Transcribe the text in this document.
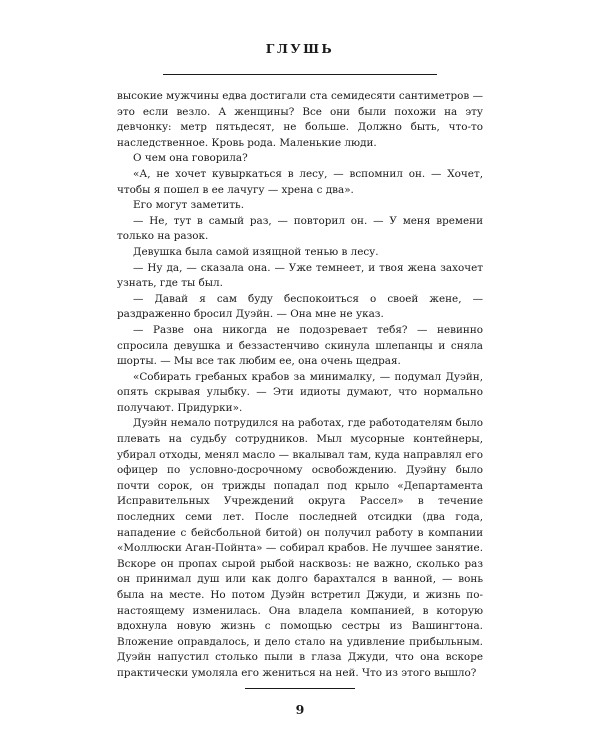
ГЛУШЬ

высокие мужчины едва достигали ста семидесяти сантиметров — это если везло. А женщины? Все они были похожи на эту девчонку: метр пятьдесят, не больше. Должно быть, что-то наследственное. Кровь рода. Маленькие люди.

О чем она говорила?

«А, не хочет кувыркаться в лесу, — вспомнил он. — Хочет, чтобы я пошел в ее лачугу — хрена с два».

Его могут заметить.

— Не, тут в самый раз, — повторил он. — У меня времени только на разок.

Девушка была самой изящной тенью в лесу.

— Ну да, — сказала она. — Уже темнеет, и твоя жена захочет узнать, где ты был.

— Давай я сам буду беспокоиться о своей жене, — раздраженно бросил Дуэйн. — Она мне не указ.

— Разве она никогда не подозревает тебя? — невинно спросила девушка и беззастенчиво скинула шлепанцы и сняла шорты. — Мы все так любим ее, она очень щедрая.

«Собирать гребаных крабов за минималку, — подумал Дуэйн, опять скрывая улыбку. — Эти идиоты думают, что нормально получают. Придурки».

Дуэйн немало потрудился на работах, где работодателям было плевать на судьбу сотрудников. Мыл мусорные контейнеры, убирал отходы, менял масло — вкалывал там, куда направлял его офицер по условно-досрочному освобождению. Дуэйну было почти сорок, он трижды попадал под крыло «Департамента Исправительных Учреждений округа Рассел» в течение последних семи лет. После последней отсидки (два года, нападение с бейсбольной битой) он получил работу в компании «Моллюски Аган-Пойнта» — собирал крабов. Не лучшее занятие. Вскоре он пропах сырой рыбой насквозь: не важно, сколько раз он принимал душ или как долго барахтался в ванной, — вонь была на месте. Но потом Дуэйн встретил Джуди, и жизнь по-настоящему изменилась. Она владела компанией, в которую вдохнула новую жизнь с помощью сестры из Вашингтона. Вложение оправдалось, и дело стало на удивление прибыльным. Дуэйн напустил столько пыли в глаза Джуди, что она вскоре практически умоляла его жениться на ней. Что из этого вышло?

9
